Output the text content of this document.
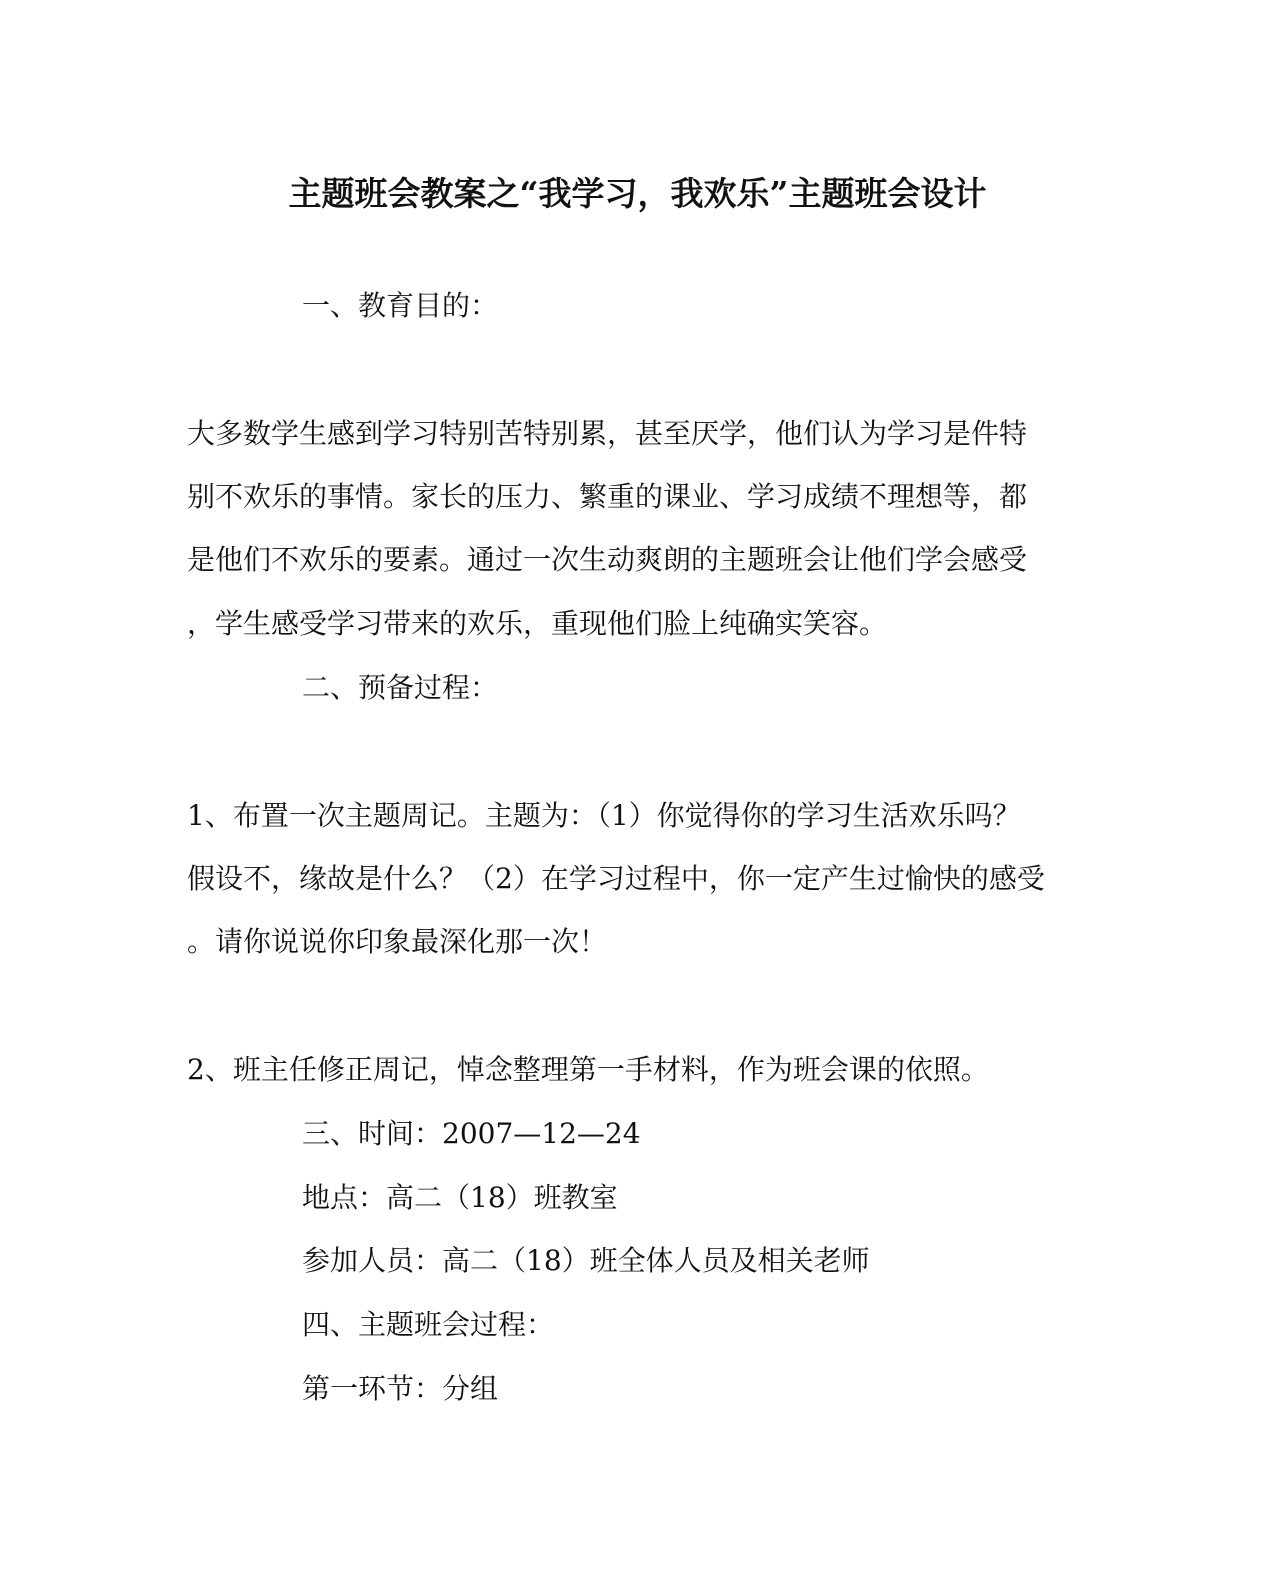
主题班会教案之“我学习，我欢乐”主题班会设计
一、教育目的：
大多数学生感到学习特别苦特别累，甚至厌学，他们认为学习是件特
别不欢乐的事情。家长的压力、繁重的课业、学习成绩不理想等，都
是他们不欢乐的要素。通过一次生动爽朗的主题班会让他们学会感受
，学生感受学习带来的欢乐，重现他们脸上纯确实笑容。
二、预备过程：
1、布置一次主题周记。主题为：（1）你觉得你的学习生活欢乐吗？
假设不，缘故是什么？（2）在学习过程中，你一定产生过愉快的感受
。请你说说你印象最深化那一次！
2、班主任修正周记，悼念整理第一手材料，作为班会课的依照。
三、时间：2007—12—24
地点：高二（18）班教室
参加人员：高二（18）班全体人员及相关老师
四、主题班会过程：
第一环节：分组
